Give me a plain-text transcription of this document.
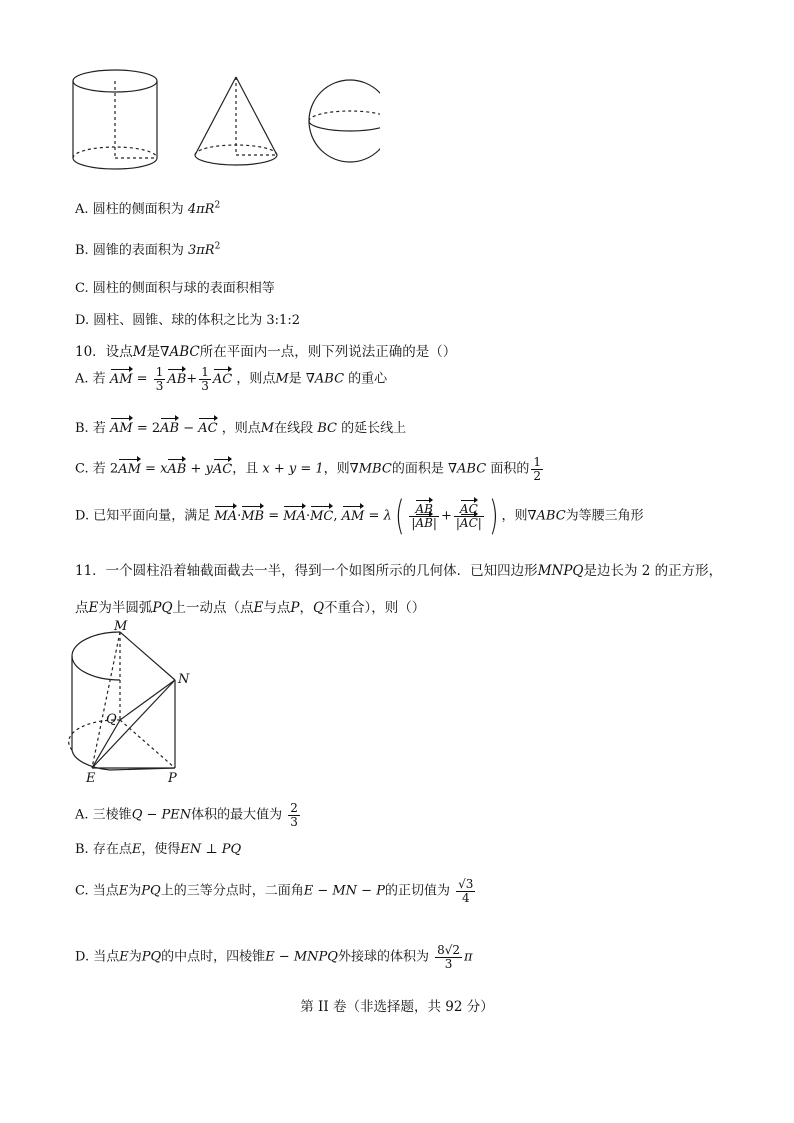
A. 圆柱的侧面积为 $4\pi R^2$
B. 圆锥的表面积为 $3\pi R^2$
C. 圆柱的侧面积与球的表面积相等
D. 圆柱、圆锥、球的体积之比为 3:1:2
10．设点M是∇ABC所在平面内一点，则下列说法正确的是（）
A. 若 AM = $\frac{1}{3} AB+ \frac{1}{3}$ AC ，则点M是 ∇ABC 的重心
B. 若 AM = 2AB − AC ，则点M在线段 BC 的延长线上
C. 若 2AM = xAB + yAC，且 x + y = 1，则∇MBC的面积是 ∇ABC 面积的 $\frac{1}{2}$
D. 已知平面向量，满足 MA·MB = MA·MC, AM = $\lambda( \frac{AB}{|AB|} + \frac{AC}{|AC|}$ ) ，则∇ABC为等腰三角形
11．一个圆柱沿着轴截面截去一半，得到一个如图所示的几何体．已知四边形MNPQ是边长为 2 的正方形，
点E为半圆弧PQ上一动点（点E与点P，Q不重合），则（）
M
N
Q
E	P
A. 三棱锥Q − PEN体积的最大值为 $\frac{2}{3}$
B. 存在点E，使得EN ⊥ PQ
C. 当点E为PQ上的三等分点时，二面角E − MN − P的正切值为 $\frac{√3}{4}$
D. 当点E为PQ的中点时，四棱锥E − MNPQ外接球的体积为 $\frac{8√2}{3}$ π
第 II 卷（非选择题，共 92 分）
